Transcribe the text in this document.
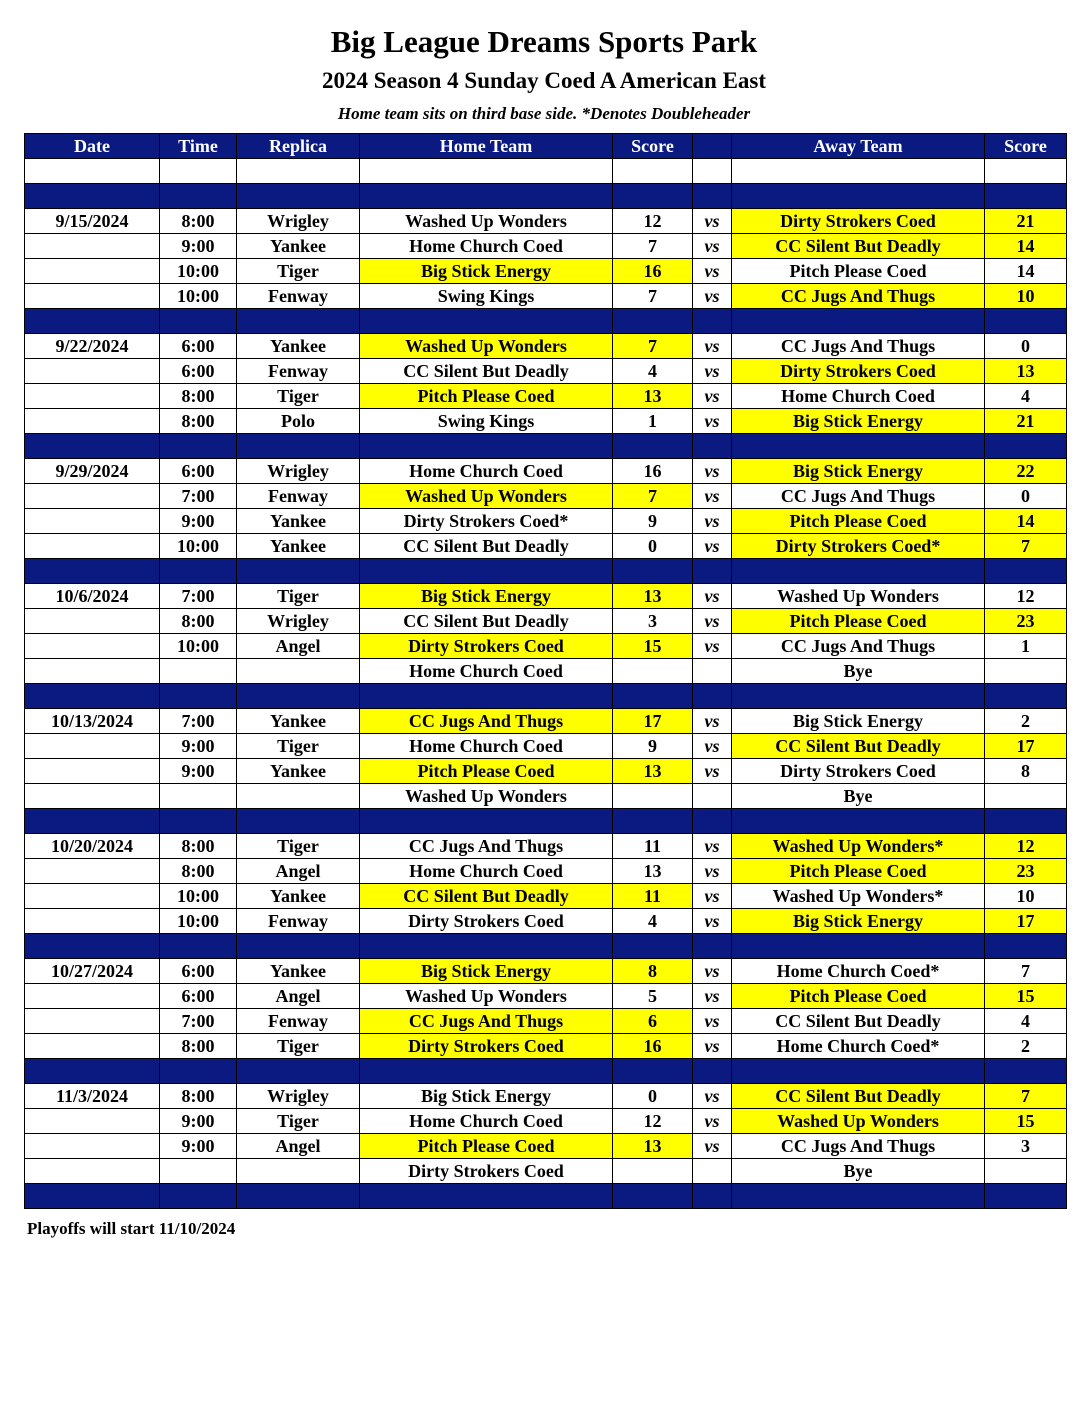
Big League Dreams Sports Park
2024 Season 4 Sunday Coed A American East
Home team sits on third base side. *Denotes Doubleheader
Date	Time	Replica	Home Team	Score		Away Team	Score

9/15/2024	8:00	Wrigley	Washed Up Wonders	12	vs	Dirty Strokers Coed	21
	9:00	Yankee	Home Church Coed	7	vs	CC Silent But Deadly	14
	10:00	Tiger	Big Stick Energy	16	vs	Pitch Please Coed	14
	10:00	Fenway	Swing Kings	7	vs	CC Jugs And Thugs	10

9/22/2024	6:00	Yankee	Washed Up Wonders	7	vs	CC Jugs And Thugs	0
	6:00	Fenway	CC Silent But Deadly	4	vs	Dirty Strokers Coed	13
	8:00	Tiger	Pitch Please Coed	13	vs	Home Church Coed	4
	8:00	Polo	Swing Kings	1	vs	Big Stick Energy	21

9/29/2024	6:00	Wrigley	Home Church Coed	16	vs	Big Stick Energy	22
	7:00	Fenway	Washed Up Wonders	7	vs	CC Jugs And Thugs	0
	9:00	Yankee	Dirty Strokers Coed*	9	vs	Pitch Please Coed	14
	10:00	Yankee	CC Silent But Deadly	0	vs	Dirty Strokers Coed*	7

10/6/2024	7:00	Tiger	Big Stick Energy	13	vs	Washed Up Wonders	12
	8:00	Wrigley	CC Silent But Deadly	3	vs	Pitch Please Coed	23
	10:00	Angel	Dirty Strokers Coed	15	vs	CC Jugs And Thugs	1
			Home Church Coed			Bye	

10/13/2024	7:00	Yankee	CC Jugs And Thugs	17	vs	Big Stick Energy	2
	9:00	Tiger	Home Church Coed	9	vs	CC Silent But Deadly	17
	9:00	Yankee	Pitch Please Coed	13	vs	Dirty Strokers Coed	8
			Washed Up Wonders			Bye	

10/20/2024	8:00	Tiger	CC Jugs And Thugs	11	vs	Washed Up Wonders*	12
	8:00	Angel	Home Church Coed	13	vs	Pitch Please Coed	23
	10:00	Yankee	CC Silent But Deadly	11	vs	Washed Up Wonders*	10
	10:00	Fenway	Dirty Strokers Coed	4	vs	Big Stick Energy	17

10/27/2024	6:00	Yankee	Big Stick Energy	8	vs	Home Church Coed*	7
	6:00	Angel	Washed Up Wonders	5	vs	Pitch Please Coed	15
	7:00	Fenway	CC Jugs And Thugs	6	vs	CC Silent But Deadly	4
	8:00	Tiger	Dirty Strokers Coed	16	vs	Home Church Coed*	2

11/3/2024	8:00	Wrigley	Big Stick Energy	0	vs	CC Silent But Deadly	7
	9:00	Tiger	Home Church Coed	12	vs	Washed Up Wonders	15
	9:00	Angel	Pitch Please Coed	13	vs	CC Jugs And Thugs	3
			Dirty Strokers Coed			Bye	

Playoffs will start 11/10/2024
